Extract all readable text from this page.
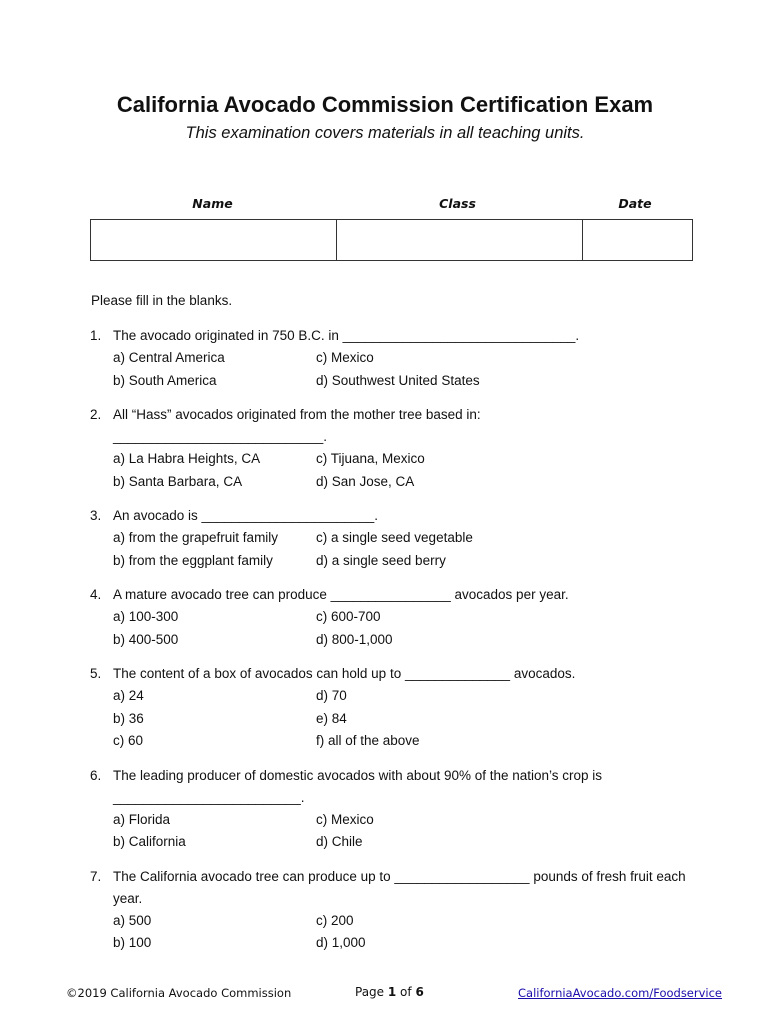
California Avocado Commission Certification Exam

This examination covers materials in all teaching units.

Name	Class	Date

Please fill in the blanks.

1. The avocado originated in 750 B.C. in _______________________________.
a) Central America	c) Mexico
b) South America	d) Southwest United States
2. All “Hass” avocados originated from the mother tree based in: ____________________________.
a) La Habra Heights, CA	c) Tijuana, Mexico
b) Santa Barbara, CA	d) San Jose, CA
3. An avocado is _______________________.
a) from the grapefruit family	c) a single seed vegetable
b) from the eggplant family	d) a single seed berry
4. A mature avocado tree can produce ________________ avocados per year.
a) 100-300	c) 600-700
b) 400-500	d) 800-1,000
5. The content of a box of avocados can hold up to ______________ avocados.
a) 24	d) 70
b) 36	e) 84
c) 60	f) all of the above
6. The leading producer of domestic avocados with about 90% of the nation’s crop is _________________________.
a) Florida	c) Mexico
b) California	d) Chile
7. The California avocado tree can produce up to __________________ pounds of fresh fruit each year.
a) 500	c) 200
b) 100	d) 1,000
©2019 California Avocado Commission	Page 1 of 6	CaliforniaAvocado.com/Foodservice
